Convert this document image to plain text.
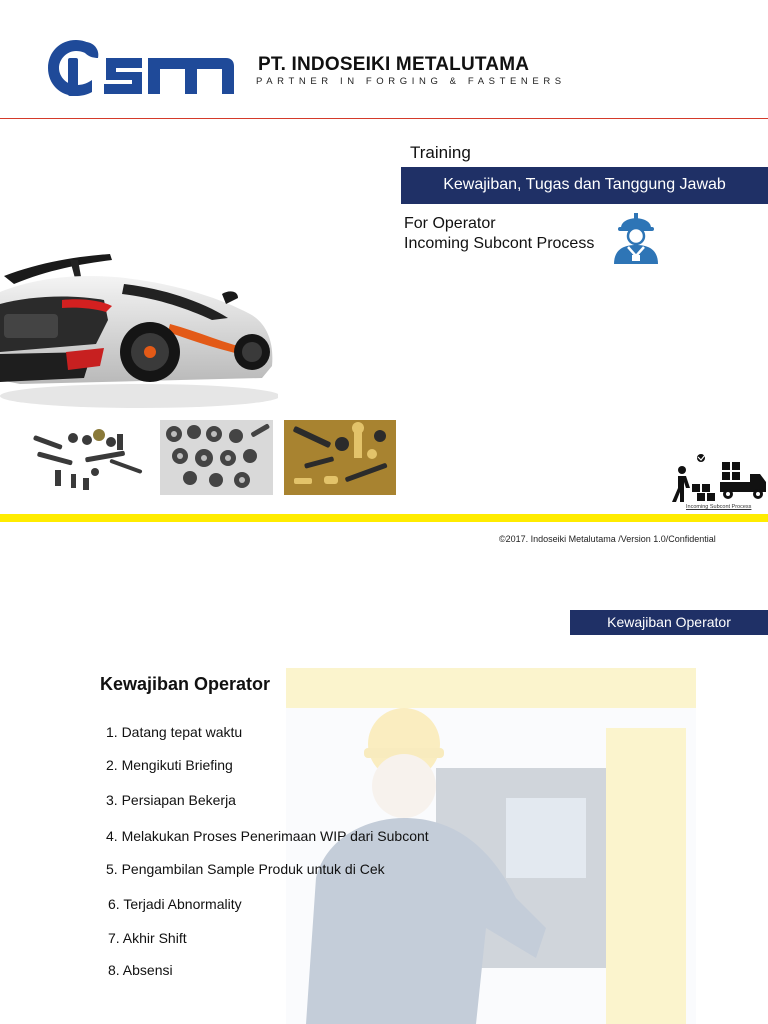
PT. INDOSEIKI METALUTAMA
PARTNER IN FORGING & FASTENERS
Training
Kewajiban, Tugas dan Tanggung Jawab
For Operator
Incoming Subcont Process
Incoming Subcont Process
©2017. Indoseiki Metalutama /Version 1.0/Confidential
Kewajiban Operator
Kewajiban Operator
1. Datang tepat waktu
2. Mengikuti Briefing
3. Persiapan Bekerja
4. Melakukan Proses Penerimaan WIP dari Subcont
5. Pengambilan Sample Produk untuk di Cek
6. Terjadi Abnormality
7. Akhir Shift
8. Absensi
